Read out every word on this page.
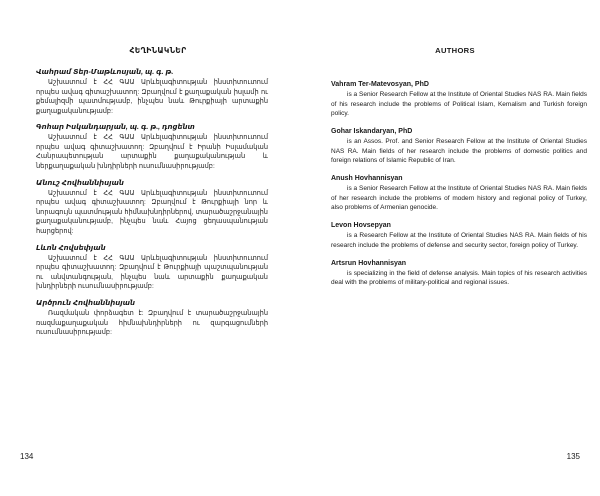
ՀԵՂԻՆԱԿՆԵՐ
Վահրամ Տեր-Մաթևոսյան, պ. գ. թ.
Աշխատում է ՀՀ ԳԱԱ Արևելագիտության ինստիտուտում որպես ավագ գիտաշխատող: Զբաղվում է քաղաքական իսլամի ու քեմալիզմի պատմությամբ, ինչպես նաև Թուրքիայի արտաքին քաղաքականությամբ:
Գոհար Իսկանդարյան, պ. գ. թ., դոցենտ
Աշխատում է ՀՀ ԳԱԱ Արևելագիտության ինստիտուտում որպես ավագ գիտաշխատող: Զբաղվում է Իրանի Իսլամական Հանրապետության արտաքին քաղաքականության և ներքաղաքական խնդիրների ուսումնասիրությամբ:
Անուշ Հովհաննիսյան
Աշխատում է ՀՀ ԳԱԱ Արևելագիտության ինստիտուտում որպես ավագ գիտաշխատող: Զբաղվում է Թուրքիայի նոր և նորագույն պատմության հիմնախնդիրներով, տարածաշրջանային քաղաքականությամբ, ինչպես նաև Հայոց ցեղասպանության հարցերով:
Լևոն Հովսեփյան
Աշխատում է ՀՀ ԳԱԱ Արևելագիտության ինստիտուտում որպես գիտաշխատող: Զբաղվում է Թուրքիայի պաշտպանության ու անվտանգության, ինչպես նաև արտաքին քաղաքական խնդիրների ուսումնասիրությամբ:
Արծրուն Հովհաննիսյան
Ռազմական փորձագետ է: Զբաղվում է տարածաշրջանային ռազմաքաղաքական հիմնախնդիրների ու զարգացումների ուսումնասիրությամբ:
134
AUTHORS
Vahram Ter-Matevosyan, PhD
is a Senior Research Fellow at the Institute of Oriental Studies NAS RA. Main fields of his research include the problems of Political Islam, Kemalism and Turkish foreign policy.
Gohar Iskandaryan, PhD
is an Assos. Prof. and Senior Research Fellow at the Institute of Oriental Studies NAS RA. Main fields of her research include the problems of domestic politics and foreign relations of Islamic Republic of Iran.
Anush Hovhannisyan
is a Senior Research Fellow at the Institute of Oriental Studies NAS RA. Main fields of her research include the problems of modern history and regional policy of Turkey, also problems of Armenian genocide.
Levon Hovsepyan
is a Research Fellow at the Institute of Oriental Studies NAS RA. Main fields of his research include the problems of defense and security sector, foreign policy of Turkey.
Artsrun Hovhannisyan
is specializing in the field of defense analysis. Main topics of his research activities deal with the problems of military-political and regional issues.
135
